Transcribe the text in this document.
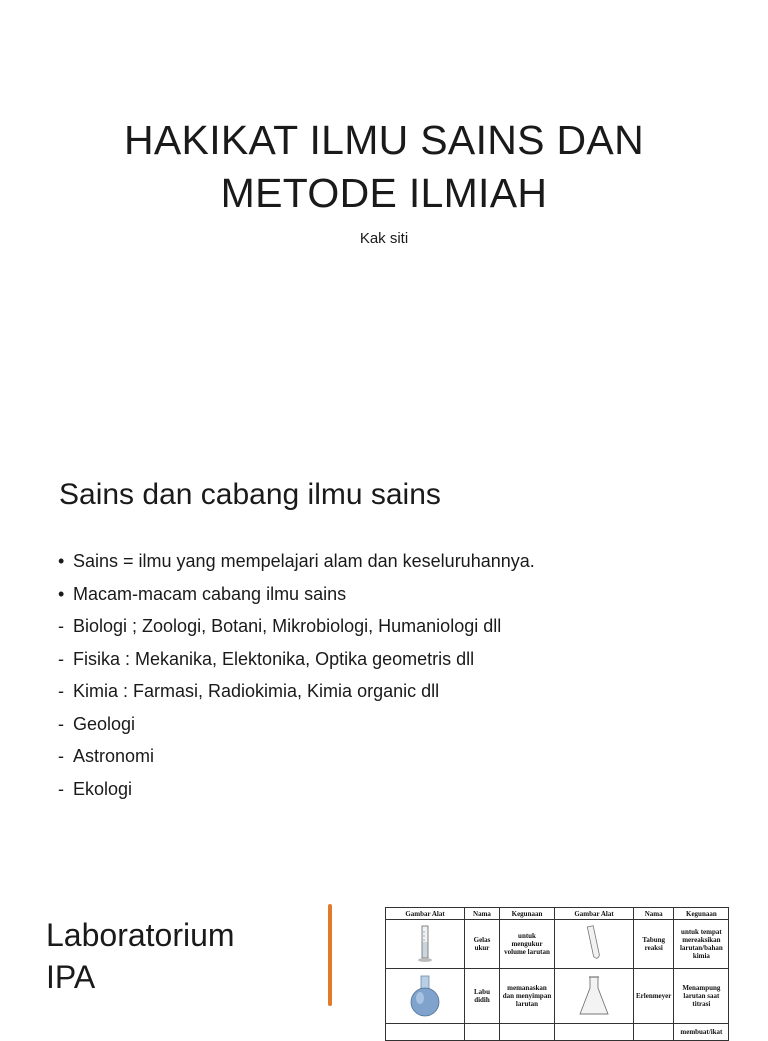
HAKIKAT ILMU SAINS DAN
METODE ILMIAH
Kak siti
Sains dan cabang ilmu sains
• Sains = ilmu yang mempelajari alam dan keseluruhannya.
• Macam-macam cabang ilmu sains
- Biologi ; Zoologi, Botani, Mikrobiologi, Humaniologi dll
- Fisika : Mekanika, Elektonika, Optika geometris dll
- Kimia : Farmasi, Radiokimia, Kimia organic dll
- Geologi
- Astronomi
- Ekologi
Laboratorium
IPA
Gambar Alat	Nama	Kegunaan	Gambar Alat	Nama	Kegunaan

	Gelas ukur	untuk mengukur volume larutan		Tabung reaksi	untuk tempat mereaksikan larutan/bahan kimia

	Labu didih	memanaskan dan menyimpan larutan		Erlenmeyer	Menampung larutan saat titrasi
					membuat/ikat
